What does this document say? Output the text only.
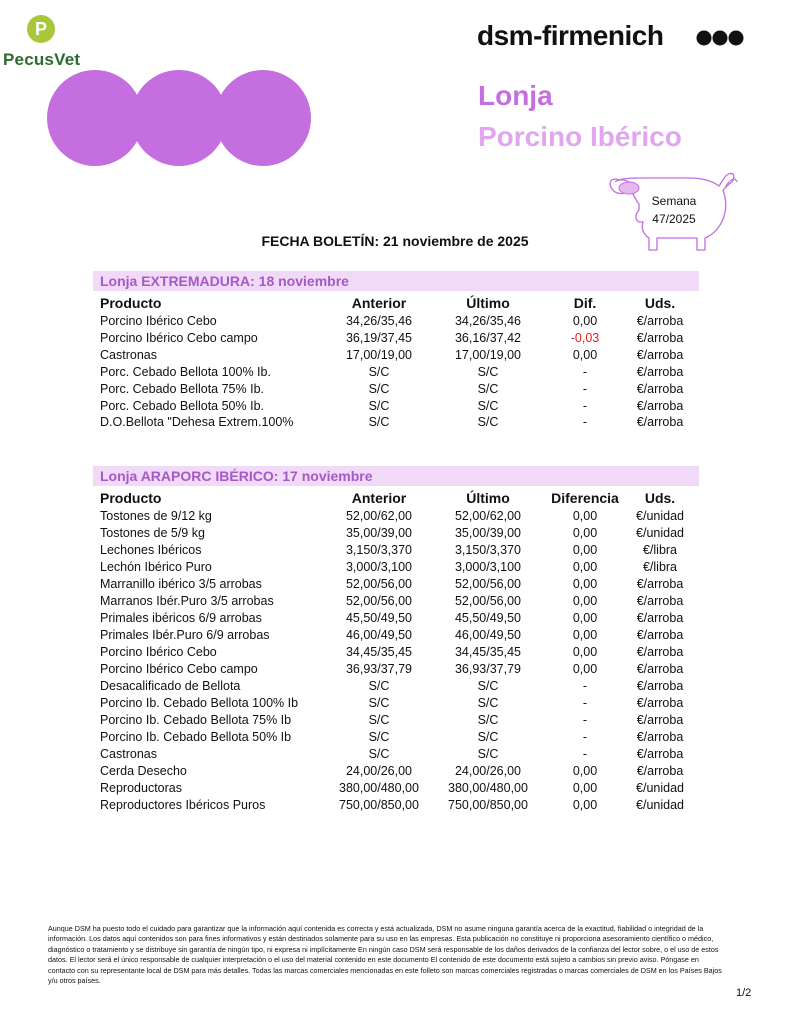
P
PecusVet
dsm-firmenich
Lonja
Porcino Ibérico
Semana
47/2025
FECHA BOLETÍN: 21 noviembre de 2025
Lonja EXTREMADURA: 18 noviembre
Producto	Anterior	Último	Dif.	Uds.
Porcino Ibérico Cebo	34,26/35,46	34,26/35,46	0,00	€/arroba
Porcino Ibérico Cebo campo	36,19/37,45	36,16/37,42	-0,03	€/arroba
Castronas	17,00/19,00	17,00/19,00	0,00	€/arroba
Porc. Cebado Bellota 100% Ib.	S/C	S/C	-	€/arroba
Porc. Cebado Bellota 75% Ib.	S/C	S/C	-	€/arroba
Porc. Cebado Bellota 50% Ib.	S/C	S/C	-	€/arroba
D.O.Bellota "Dehesa Extrem.100%	S/C	S/C	-	€/arroba
Lonja ARAPORC IBÉRICO: 17 noviembre
Producto	Anterior	Último	Diferencia	Uds.
Tostones de 9/12 kg	52,00/62,00	52,00/62,00	0,00	€/unidad
Tostones de 5/9 kg	35,00/39,00	35,00/39,00	0,00	€/unidad
Lechones Ibéricos	3,150/3,370	3,150/3,370	0,00	€/libra
Lechón Ibérico Puro	3,000/3,100	3,000/3,100	0,00	€/libra
Marranillo ibérico 3/5 arrobas	52,00/56,00	52,00/56,00	0,00	€/arroba
Marranos Ibér.Puro 3/5 arrobas	52,00/56,00	52,00/56,00	0,00	€/arroba
Primales ibéricos 6/9 arrobas	45,50/49,50	45,50/49,50	0,00	€/arroba
Primales Ibér.Puro 6/9 arrobas	46,00/49,50	46,00/49,50	0,00	€/arroba
Porcino Ibérico Cebo	34,45/35,45	34,45/35,45	0,00	€/arroba
Porcino Ibérico Cebo campo	36,93/37,79	36,93/37,79	0,00	€/arroba
Desacalificado de Bellota	S/C	S/C	-	€/arroba
Porcino Ib. Cebado Bellota 100% Ib	S/C	S/C	-	€/arroba
Porcino Ib. Cebado Bellota 75% Ib	S/C	S/C	-	€/arroba
Porcino Ib. Cebado Bellota 50% Ib	S/C	S/C	-	€/arroba
Castronas	S/C	S/C	-	€/arroba
Cerda Desecho	24,00/26,00	24,00/26,00	0,00	€/arroba
Reproductoras	380,00/480,00	380,00/480,00	0,00	€/unidad
Reproductores Ibéricos Puros	750,00/850,00	750,00/850,00	0,00	€/unidad
Aunque DSM ha puesto todo el cuidado para garantizar que la información aquí contenida es correcta y está actualizada, DSM no asume ninguna garantía acerca de la exactitud, fiabilidad o integridad de la información. Los datos aquí contenidos son para fines informativos y están destinados solamente para su uso en las empresas. Esta publicación no constituye ni proporciona asesoramiento científico o médico, diagnóstico o tratamiento y se distribuye sin garantía de ningún tipo, ni expresa ni implícitamente En ningún caso DSM será responsable de los daños derivados de la confianza del lector sobre, o el uso de estos datos. El lector será el único responsable de cualquier interpretación o el uso del material contenido en este documento El contenido de este documento está sujeto a cambios sin previo aviso. Póngase en contacto con su representante local de DSM para más detalles. Todas las marcas comerciales mencionadas en este folleto son marcas comerciales registradas o marcas comerciales de DSM en los Países Bajos y/u otros países.
1/2
